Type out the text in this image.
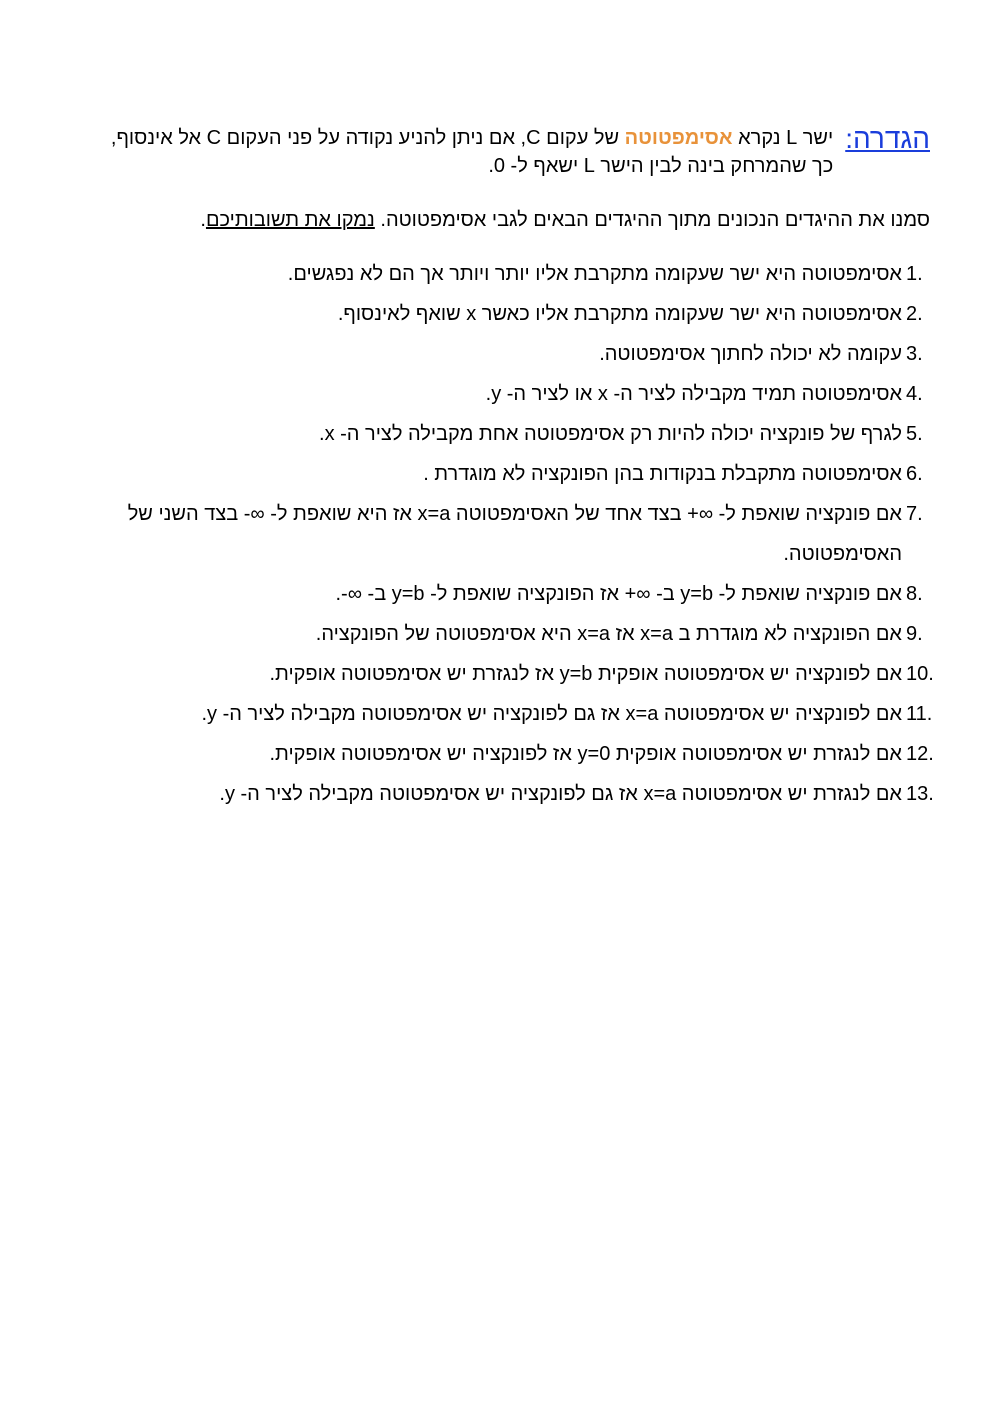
הגדרה:
ישר L נקרא אסימפטוטה של עקום C, אם ניתן להניע נקודה על פני העקום C אל אינסוף, כך שהמרחק בינה לבין הישר L ישאף ל- 0.
סמנו את ההיגדים הנכונים מתוך ההיגדים הבאים לגבי אסימפטוטה. נמקו את תשובותיכם.
1.
אסימפטוטה היא ישר שעקומה מתקרבת אליו יותר ויותר אך הם לא נפגשים.
2.
אסימפטוטה היא ישר שעקומה מתקרבת אליו כאשר x שואף לאינסוף.
3.
עקומה לא יכולה לחתוך אסימפטוטה.
4.
אסימפטוטה תמיד מקבילה לציר ה- x או לציר ה- y.
5.
לגרף של פונקציה יכולה להיות רק אסימפטוטה אחת מקבילה לציר ה- x.
6.
אסימפטוטה מתקבלת בנקודות בהן הפונקציה לא מוגדרת .
7.
אם פונקציה שואפת ל- ∞+ בצד אחד של האסימפטוטה x=a אז היא שואפת ל- ∞- בצד השני של האסימפטוטה.
8.
אם פונקציה שואפת ל- y=b ב- ∞+ אז הפונקציה שואפת ל- y=b ב- ∞-.
9.
אם הפונקציה לא מוגדרת ב x=a אז x=a היא אסימפטוטה של הפונקציה.
10.
אם לפונקציה יש אסימפטוטה אופקית y=b אז לנגזרת יש אסימפטוטה אופקית.
11.
אם לפונקציה יש אסימפטוטה x=a אז גם לפונקציה יש אסימפטוטה מקבילה לציר ה- y.
12.
אם לנגזרת יש אסימפטוטה אופקית y=0 אז לפונקציה יש אסימפטוטה אופקית.
13.
אם לנגזרת יש אסימפטוטה x=a אז גם לפונקציה יש אסימפטוטה מקבילה לציר ה- y.
